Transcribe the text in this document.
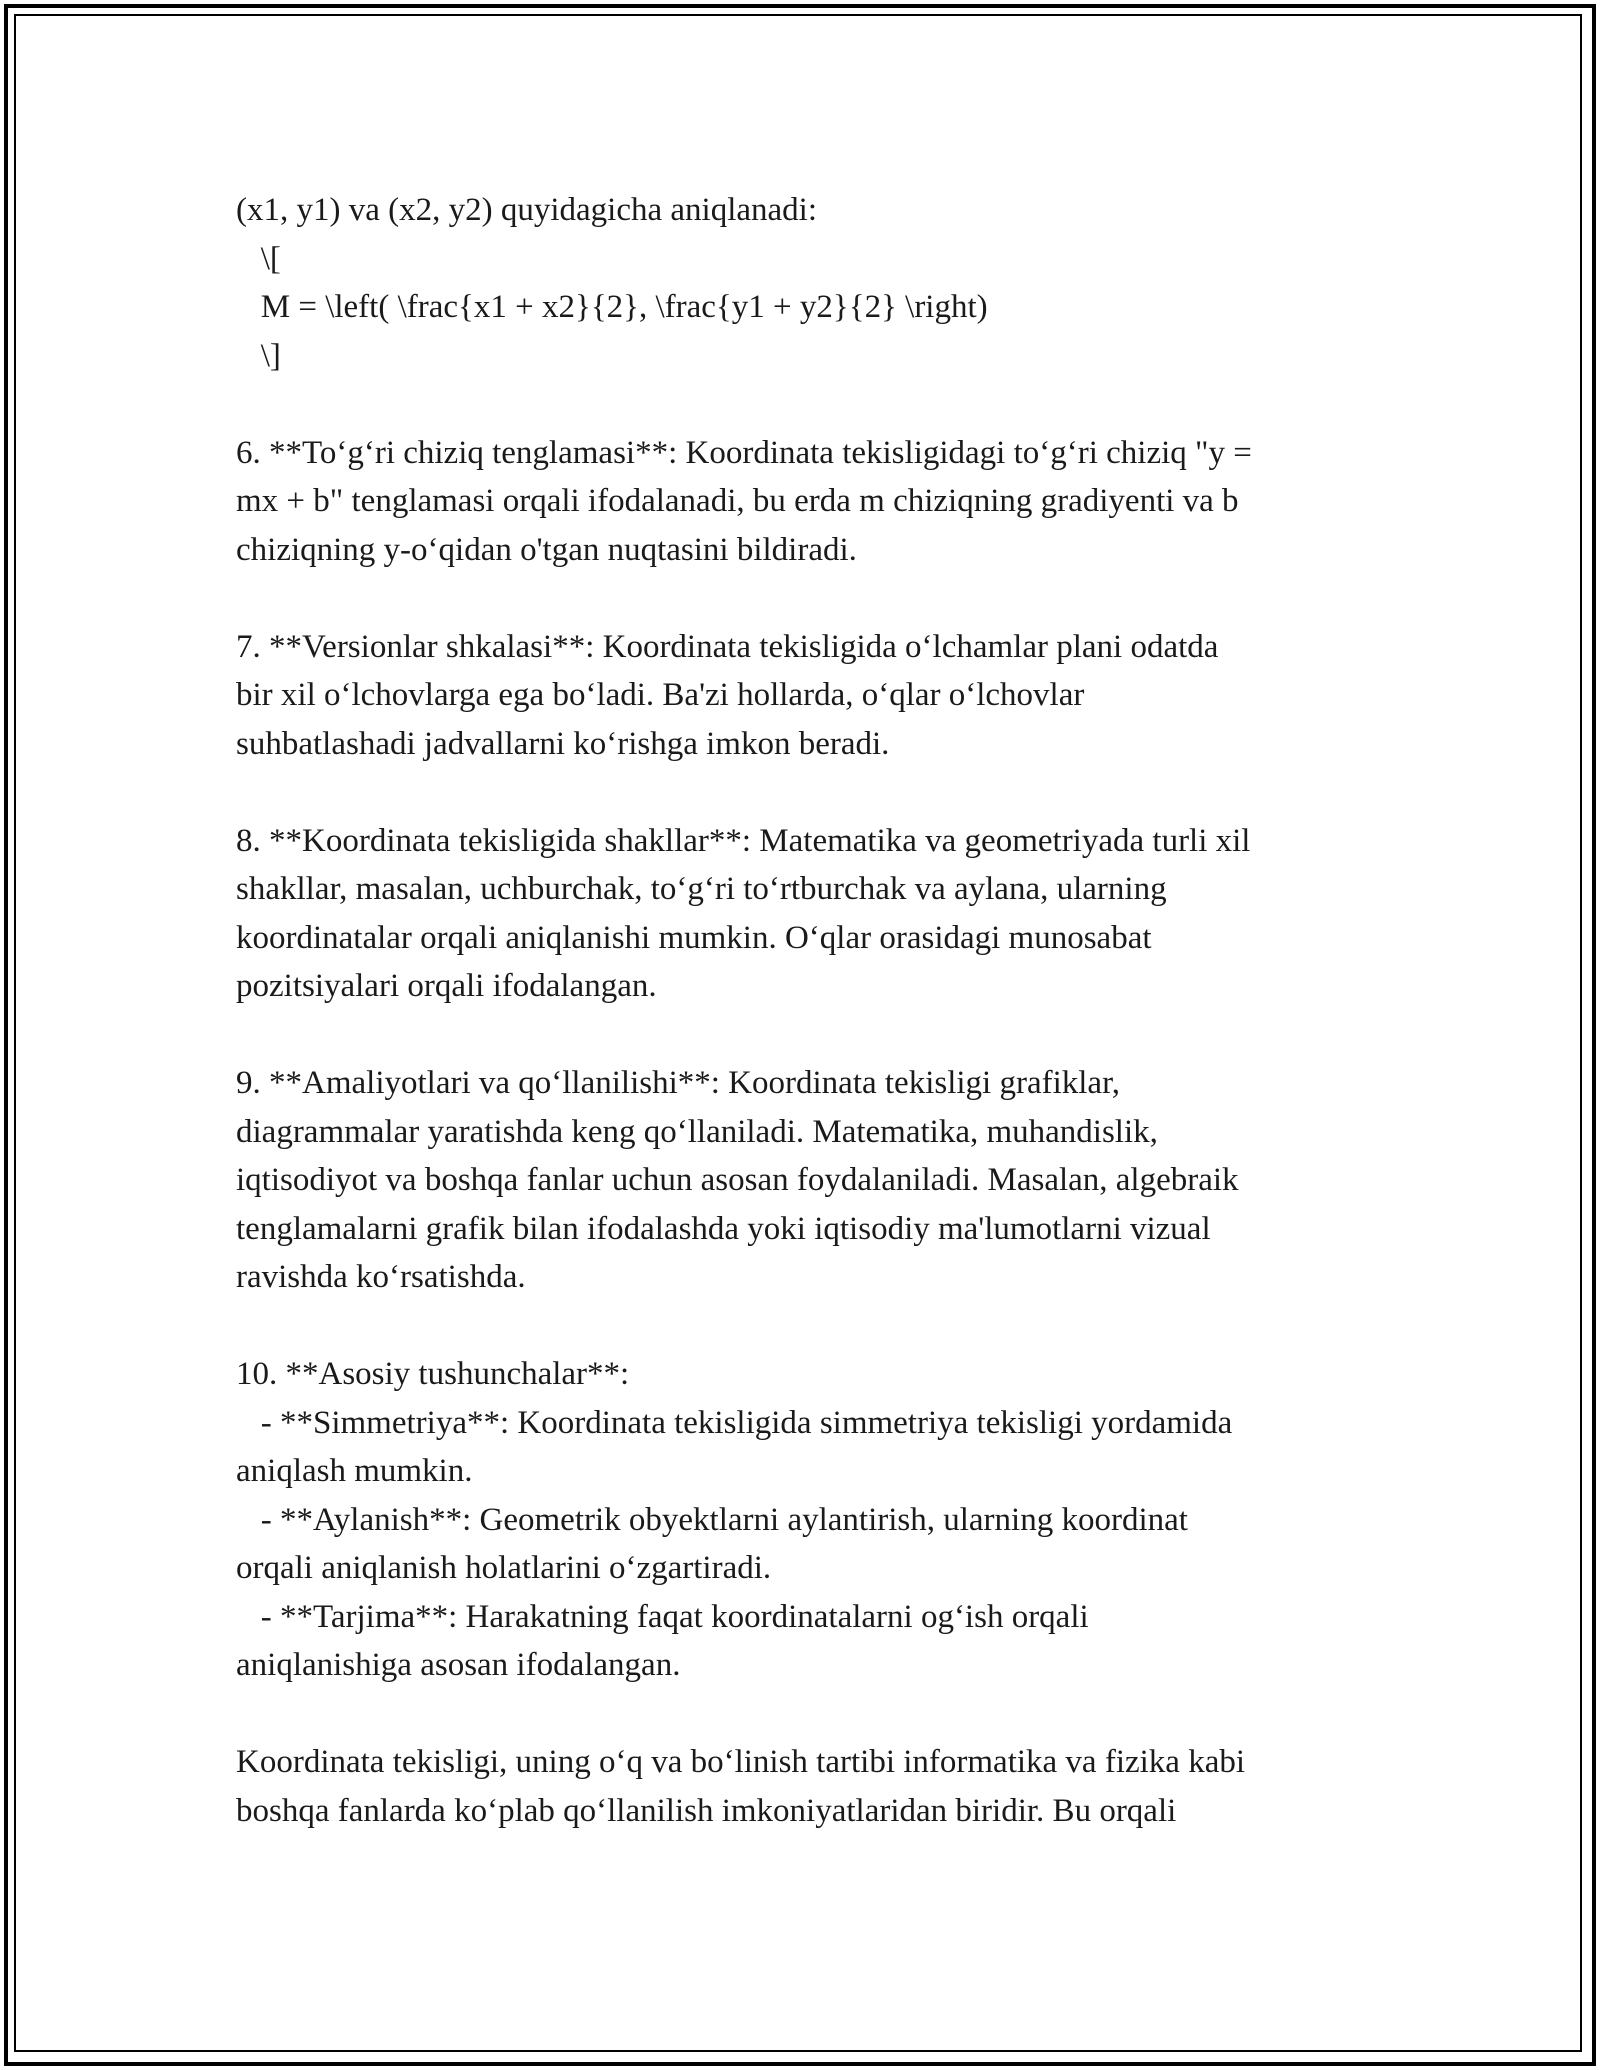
(x1, y1) va (x2, y2) quyidagicha aniqlanadi:
\[
M = \left( \frac{x1 + x2}{2}, \frac{y1 + y2}{2} \right)
\]
6. **To‘g‘ri chiziq tenglamasi**: Koordinata tekisligidagi to‘g‘ri chiziq "y =
mx + b" tenglamasi orqali ifodalanadi, bu erda m chiziqning gradiyenti va b
chiziqning y-o‘qidan o'tgan nuqtasini bildiradi.
7. **Versionlar shkalasi**: Koordinata tekisligida o‘lchamlar plani odatda
bir xil o‘lchovlarga ega bo‘ladi. Ba'zi hollarda, o‘qlar o‘lchovlar
suhbatlashadi jadvallarni ko‘rishga imkon beradi.
8. **Koordinata tekisligida shakllar**: Matematika va geometriyada turli xil
shakllar, masalan, uchburchak, to‘g‘ri to‘rtburchak va aylana, ularning
koordinatalar orqali aniqlanishi mumkin. O‘qlar orasidagi munosabat
pozitsiyalari orqali ifodalangan.
9. **Amaliyotlari va qo‘llanilishi**: Koordinata tekisligi grafiklar,
diagrammalar yaratishda keng qo‘llaniladi. Matematika, muhandislik,
iqtisodiyot va boshqa fanlar uchun asosan foydalaniladi. Masalan, algebraik
tenglamalarni grafik bilan ifodalashda yoki iqtisodiy ma'lumotlarni vizual
ravishda ko‘rsatishda.
10. **Asosiy tushunchalar**:
- **Simmetriya**: Koordinata tekisligida simmetriya tekisligi yordamida
aniqlash mumkin.
- **Aylanish**: Geometrik obyektlarni aylantirish, ularning koordinat
orqali aniqlanish holatlarini o‘zgartiradi.
- **Tarjima**: Harakatning faqat koordinatalarni og‘ish orqali
aniqlanishiga asosan ifodalangan.
Koordinata tekisligi, uning o‘q va bo‘linish tartibi informatika va fizika kabi
boshqa fanlarda ko‘plab qo‘llanilish imkoniyatlaridan biridir. Bu orqali
